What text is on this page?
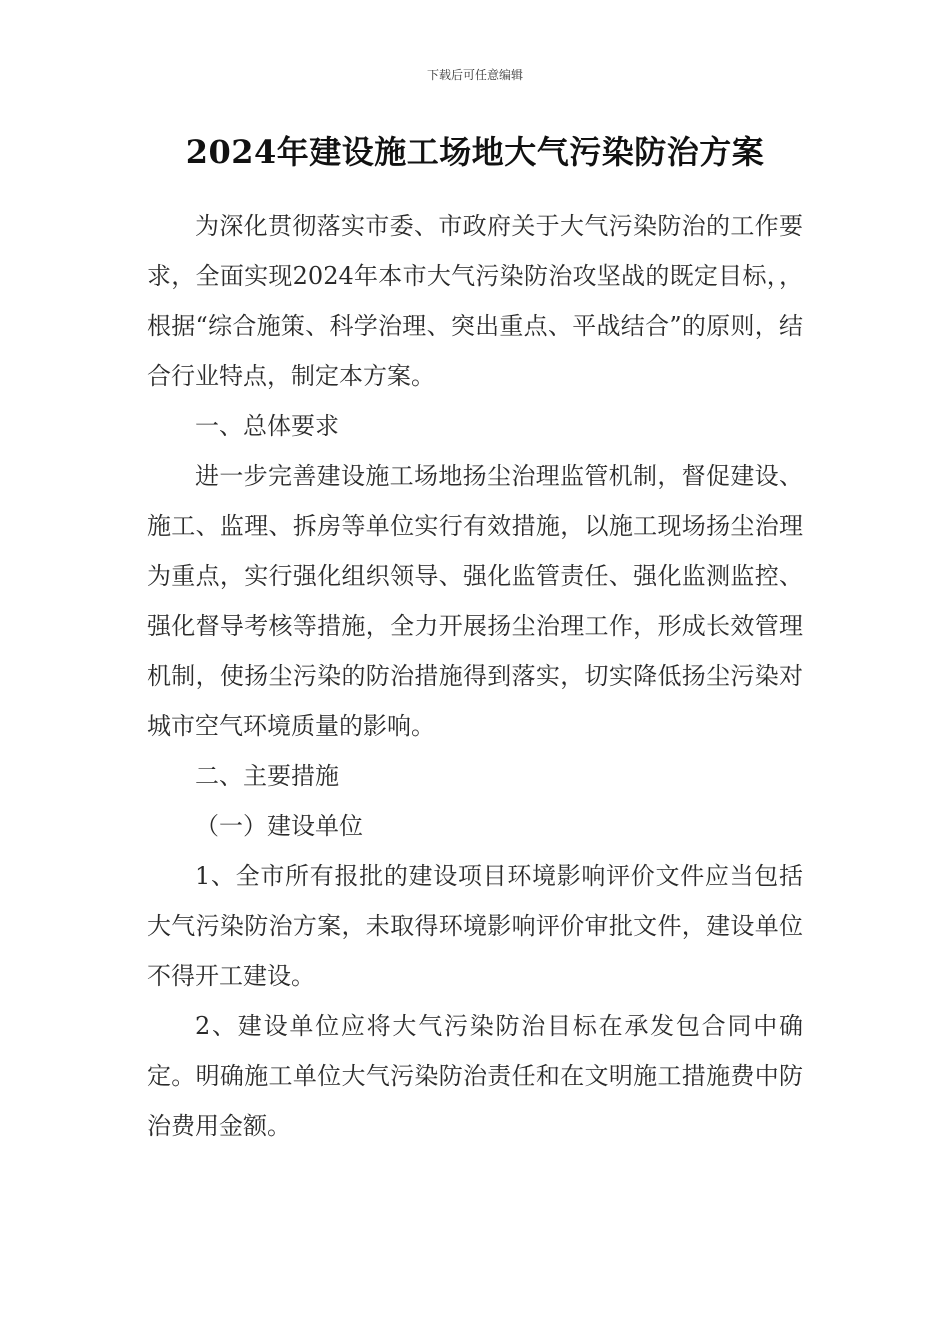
下载后可任意编辑
2024年建设施工场地大气污染防治方案

为深化贯彻落实市委、市政府关于大气污染防治的工作要求，全面实现2024年本市大气污染防治攻坚战的既定目标，，根据“综合施策、科学治理、突出重点、平战结合”的原则，结合行业特点，制定本方案。

一、总体要求

进一步完善建设施工场地扬尘治理监管机制，督促建设、施工、监理、拆房等单位实行有效措施，以施工现场扬尘治理为重点，实行强化组织领导、强化监管责任、强化监测监控、强化督导考核等措施，全力开展扬尘治理工作，形成长效管理机制，使扬尘污染的防治措施得到落实，切实降低扬尘污染对城市空气环境质量的影响。

二、主要措施

（一）建设单位

1、全市所有报批的建设项目环境影响评价文件应当包括大气污染防治方案，未取得环境影响评价审批文件，建设单位不得开工建设。

2、建设单位应将大气污染防治目标在承发包合同中确定。明确施工单位大气污染防治责任和在文明施工措施费中防治费用金额。
